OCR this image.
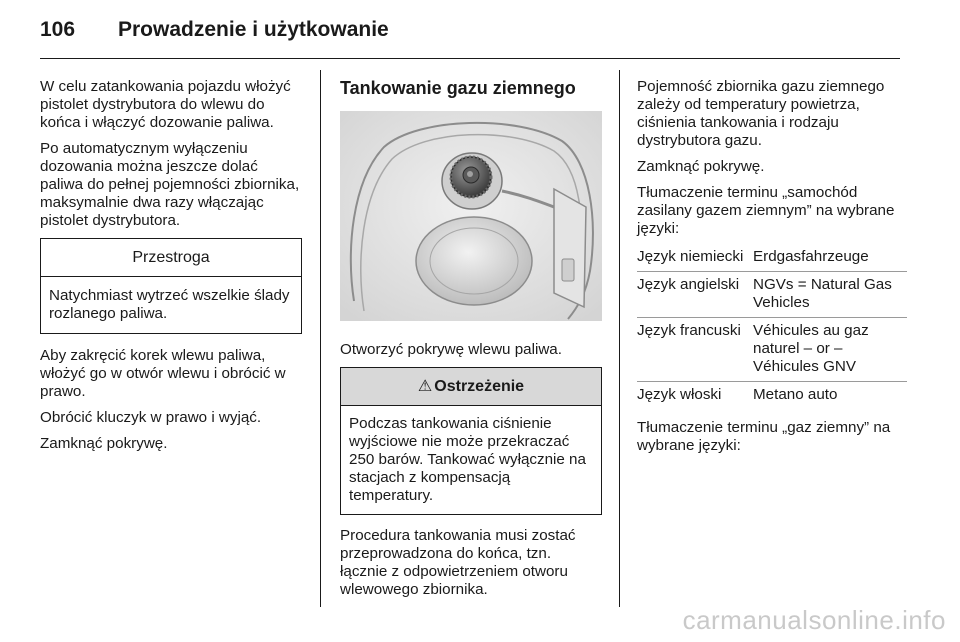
106	Prowadzenie i użytkowanie

W celu zatankowania pojazdu włożyć pistolet dystrybutora do wlewu do końca i włączyć dozowanie paliwa.

Po automatycznym wyłączeniu dozowania można jeszcze dolać paliwa do pełnej pojemności zbiornika, maksymalnie dwa razy włączając pistolet dystrybutora.

Przestroga
Natychmiast wytrzeć wszelkie ślady rozlanego paliwa.

Aby zakręcić korek wlewu paliwa, włożyć go w otwór wlewu i obrócić w prawo.

Obrócić kluczyk w prawo i wyjąć.

Zamknąć pokrywę.

Tankowanie gazu ziemnego

Otworzyć pokrywę wlewu paliwa.

⚠ Ostrzeżenie
Podczas tankowania ciśnienie wyjściowe nie może przekraczać 250 barów. Tankować wyłącznie na stacjach z kompensacją temperatury.

Procedura tankowania musi zostać przeprowadzona do końca, tzn. łącznie z odpowietrzeniem otworu wlewowego zbiornika.

Pojemność zbiornika gazu ziemnego zależy od temperatury powietrza, ciśnienia tankowania i rodzaju dystrybutora gazu.

Zamknąć pokrywę.

Tłumaczenie terminu „samochód zasilany gazem ziemnym” na wybrane języki:

Język niemiecki	Erdgasfahrzeuge
Język angielski	NGVs = Natural Gas Vehicles
Język francuski	Véhicules au gaz naturel – or – Véhicules GNV
Język włoski	Metano auto

Tłumaczenie terminu „gaz ziemny” na wybrane języki:

carmanualsonline.info
